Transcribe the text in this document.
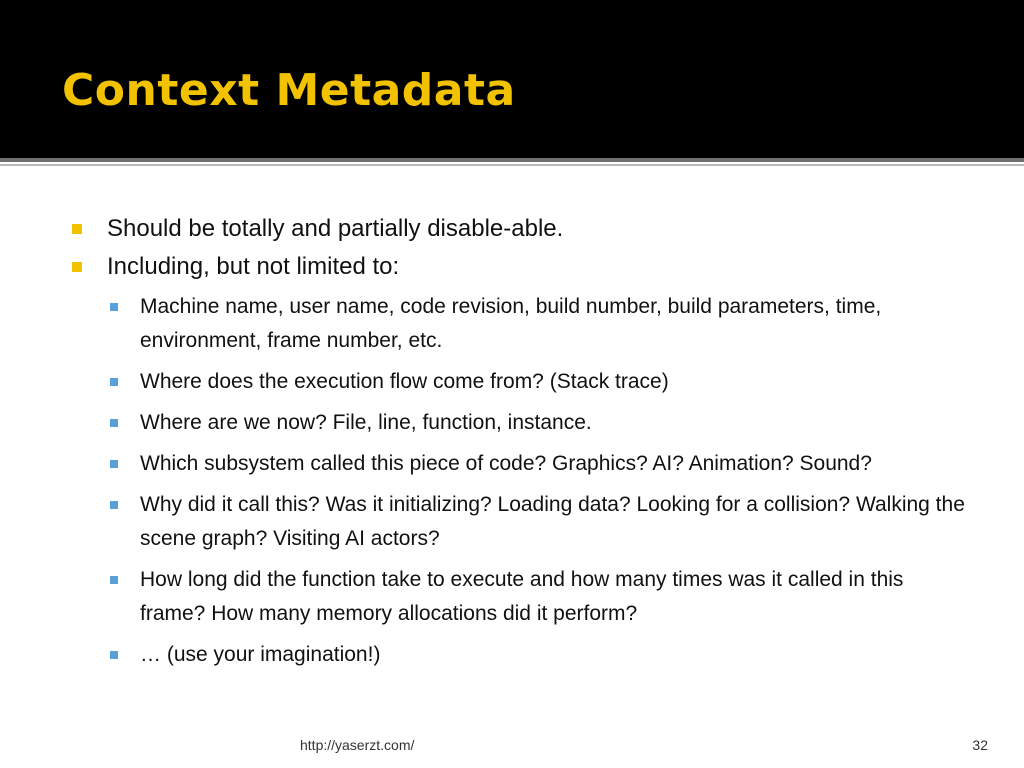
Context Metadata
Should be totally and partially disable-able.
Including, but not limited to:
Machine name, user name, code revision, build number, build parameters, time, environment, frame number, etc.
Where does the execution flow come from? (Stack trace)
Where are we now? File, line, function, instance.
Which subsystem called this piece of code? Graphics? AI? Animation? Sound?
Why did it call this? Was it initializing? Loading data? Looking for a collision? Walking the scene graph? Visiting AI actors?
How long did the function take to execute and how many times was it called in this frame? How many memory allocations did it perform?
… (use your imagination!)
http://yaserzt.com/	32
